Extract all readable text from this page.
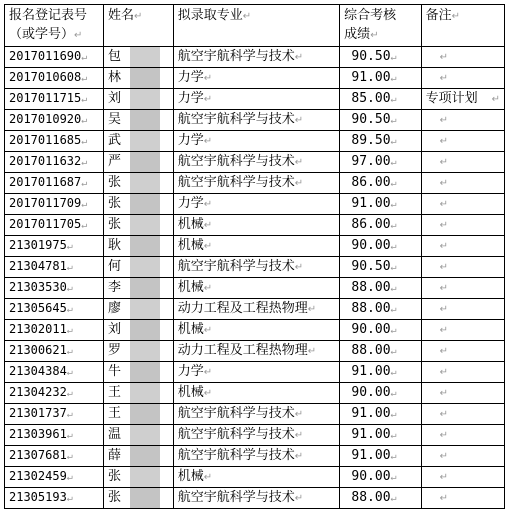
报名登记表号
（或学号）↵	姓名↵	拟录取专业↵	综合考核
成绩↵	备注↵
2017011690↵	包	航空宇航科学与技术↵	90.50↵	↵
2017010608↵	林	力学↵	91.00↵	↵
2017011715↵	刘	力学↵	85.00↵	专项计划 ↵
2017010920↵	吴	航空宇航科学与技术↵	90.50↵	↵
2017011685↵	武	力学↵	89.50↵	↵
2017011632↵	严	航空宇航科学与技术↵	97.00↵	↵
2017011687↵	张	航空宇航科学与技术↵	86.00↵	↵
2017011709↵	张	力学↵	91.00↵	↵
2017011705↵	张	机械↵	86.00↵	↵
21301975↵	耿	机械↵	90.00↵	↵
21304781↵	何	航空宇航科学与技术↵	90.50↵	↵
21303530↵	李	机械↵	88.00↵	↵
21305645↵	廖	动力工程及工程热物理↵	88.00↵	↵
21302011↵	刘	机械↵	90.00↵	↵
21300621↵	罗	动力工程及工程热物理↵	88.00↵	↵
21304384↵	牛	力学↵	91.00↵	↵
21304232↵	王	机械↵	90.00↵	↵
21301737↵	王	航空宇航科学与技术↵	91.00↵	↵
21303961↵	温	航空宇航科学与技术↵	91.00↵	↵
21307681↵	薛	航空宇航科学与技术↵	91.00↵	↵
21302459↵	张	机械↵	90.00↵	↵
21305193↵	张	航空宇航科学与技术↵	88.00↵	↵
